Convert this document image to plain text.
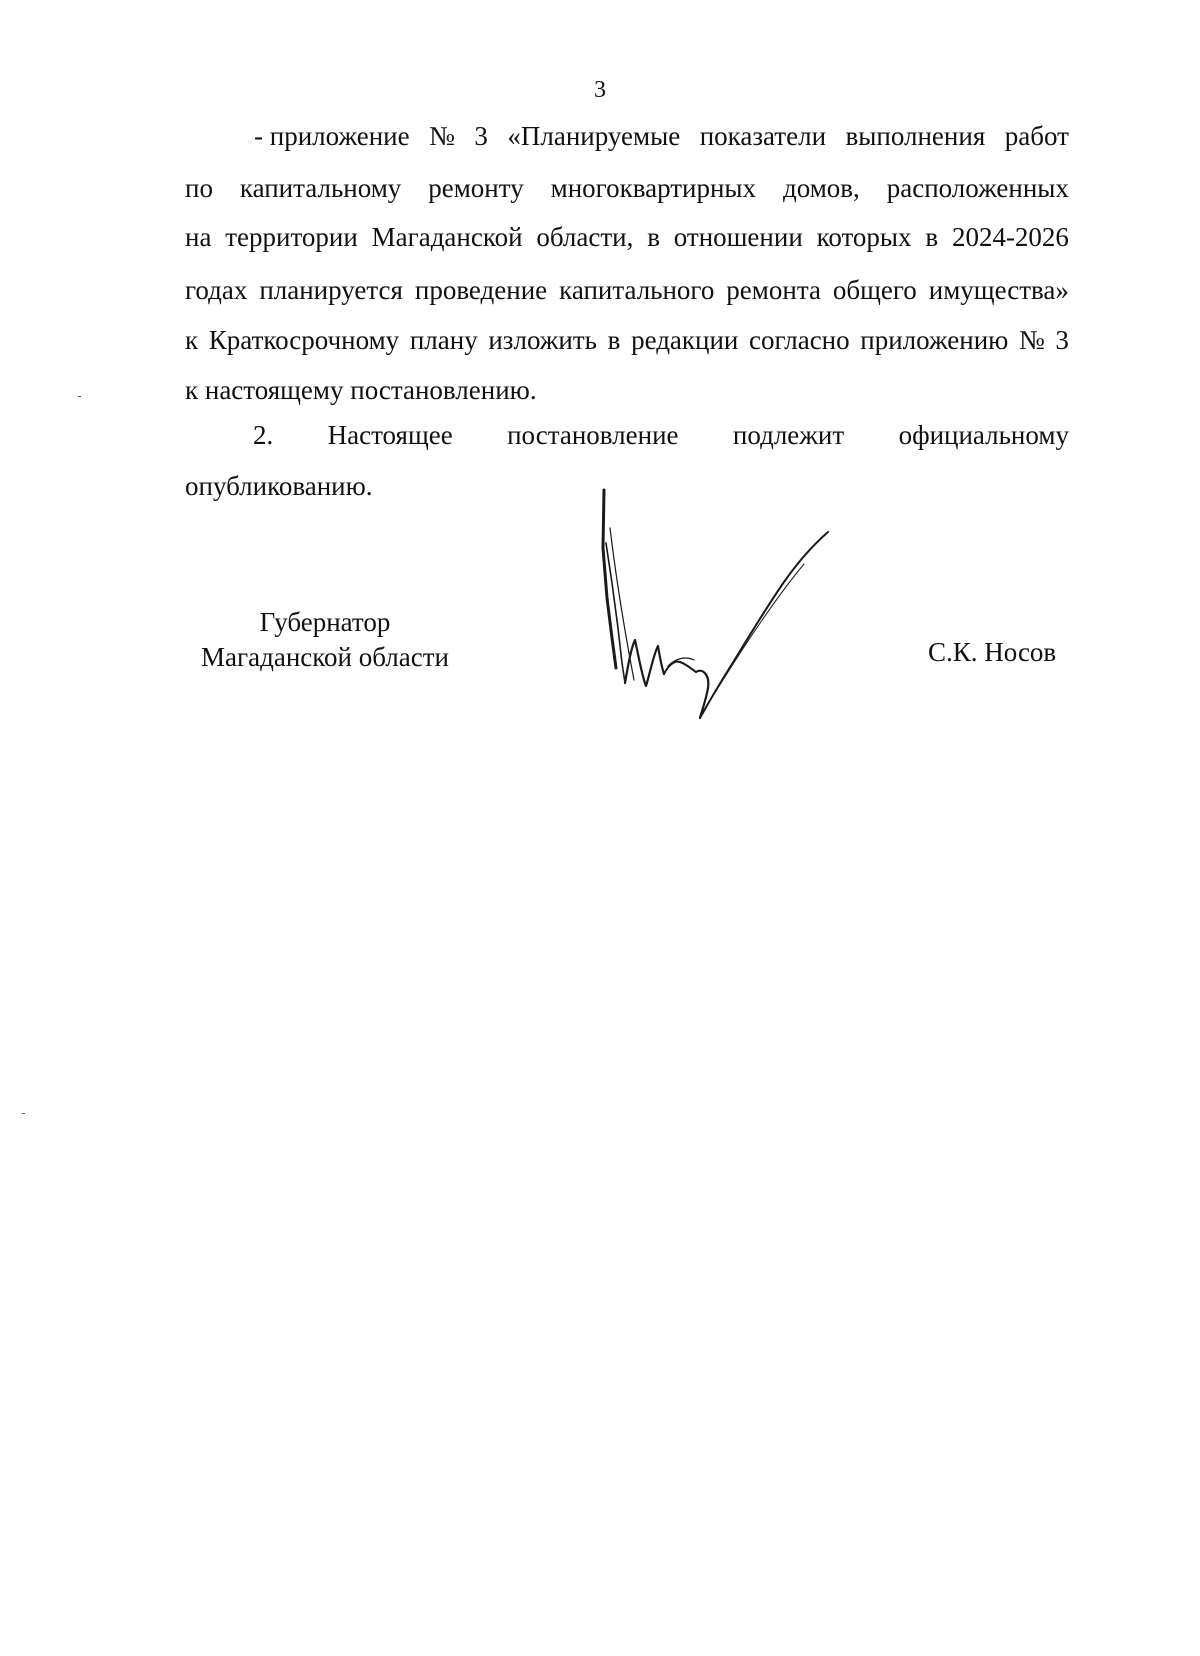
3
- приложение № 3 «Планируемые показатели выполнения работ
по капитальному ремонту многоквартирных домов, расположенных
на территории Магаданской области, в отношении которых в 2024-2026
годах планируется проведение капитального ремонта общего имущества»
к Краткосрочному плану изложить в редакции согласно приложению № 3
к настоящему постановлению.
2. Настоящее постановление подлежит официальному
опубликованию.
Губернатор
Магаданской области	С.К. Носов
